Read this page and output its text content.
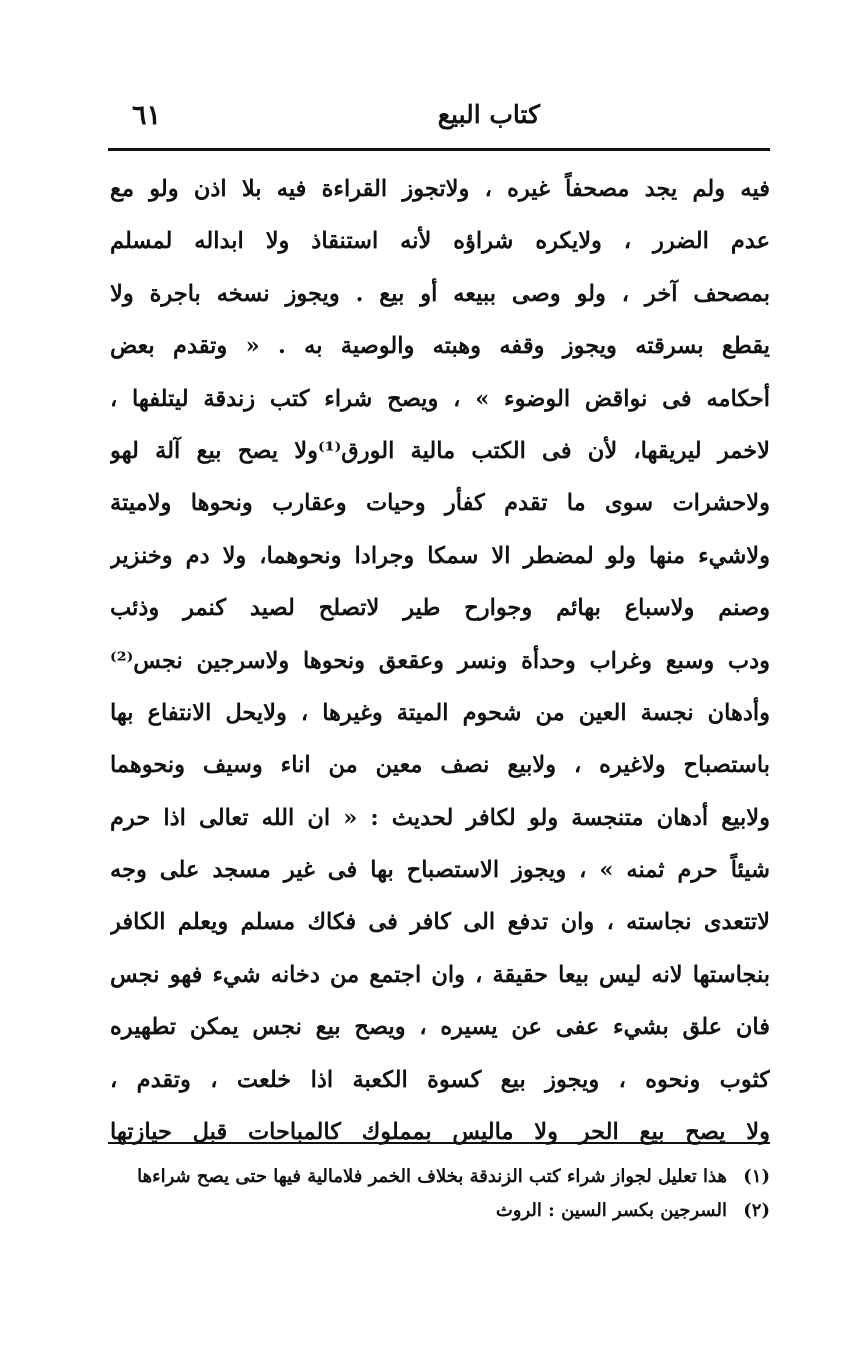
كتاب البيع
٦١
فيه ولم يجد مصحفاً غيره ، ولاتجوز القراءة فيه بلا اذن ولو مع
عدم الضرر ، ولايكره شراؤه لأنه استنقاذ ولا ابداله لمسلم
بمصحف آخر ، ولو وصى ببيعه أو بيع . ويجوز نسخه باجرة ولا
يقطع بسرقته ويجوز وقفه وهبته والوصية به . « وتقدم بعض
أحكامه فى نواقض الوضوء » ، ويصح شراء كتب زندقة ليتلفها ،
لاخمر ليريقها، لأن فى الكتب مالية الورق⁽¹⁾ولا يصح بيع آلة لهو
ولاحشرات سوى ما تقدم كفأر وحيات وعقارب ونحوها ولاميتة
ولاشيء منها ولو لمضطر الا سمكا وجرادا ونحوهما، ولا دم وخنزير
وصنم ولاسباع بهائم وجوارح طير لاتصلح لصيد كنمر وذئب
ودب وسبع وغراب وحدأة ونسر وعقعق ونحوها ولاسرجين نجس⁽²⁾
وأدهان نجسة العين من شحوم الميتة وغيرها ، ولايحل الانتفاع بها
باستصباح ولاغيره ، ولابيع نصف معين من اناء وسيف ونحوهما
ولابيع أدهان متنجسة ولو لكافر لحديث : « ان الله تعالى اذا حرم
شيئاً حرم ثمنه » ، ويجوز الاستصباح بها فى غير مسجد على وجه
لاتتعدى نجاسته ، وان تدفع الى كافر فى فكاك مسلم ويعلم الكافر
بنجاستها لانه ليس بيعا حقيقة ، وان اجتمع من دخانه شيء فهو نجس
فان علق بشيء عفى عن يسيره ، ويصح بيع نجس يمكن تطهيره
كثوب ونحوه ، ويجوز بيع كسوة الكعبة اذا خلعت ، وتقدم ،
ولا يصح بيع الحر ولا ماليس بمملوك كالمباحات قبل حيازتها
(١) هذا تعليل لجواز شراء كتب الزندقة بخلاف الخمر فلامالية فيها حتى يصح شراءها
(٢) السرجين بكسر السين : الروث
